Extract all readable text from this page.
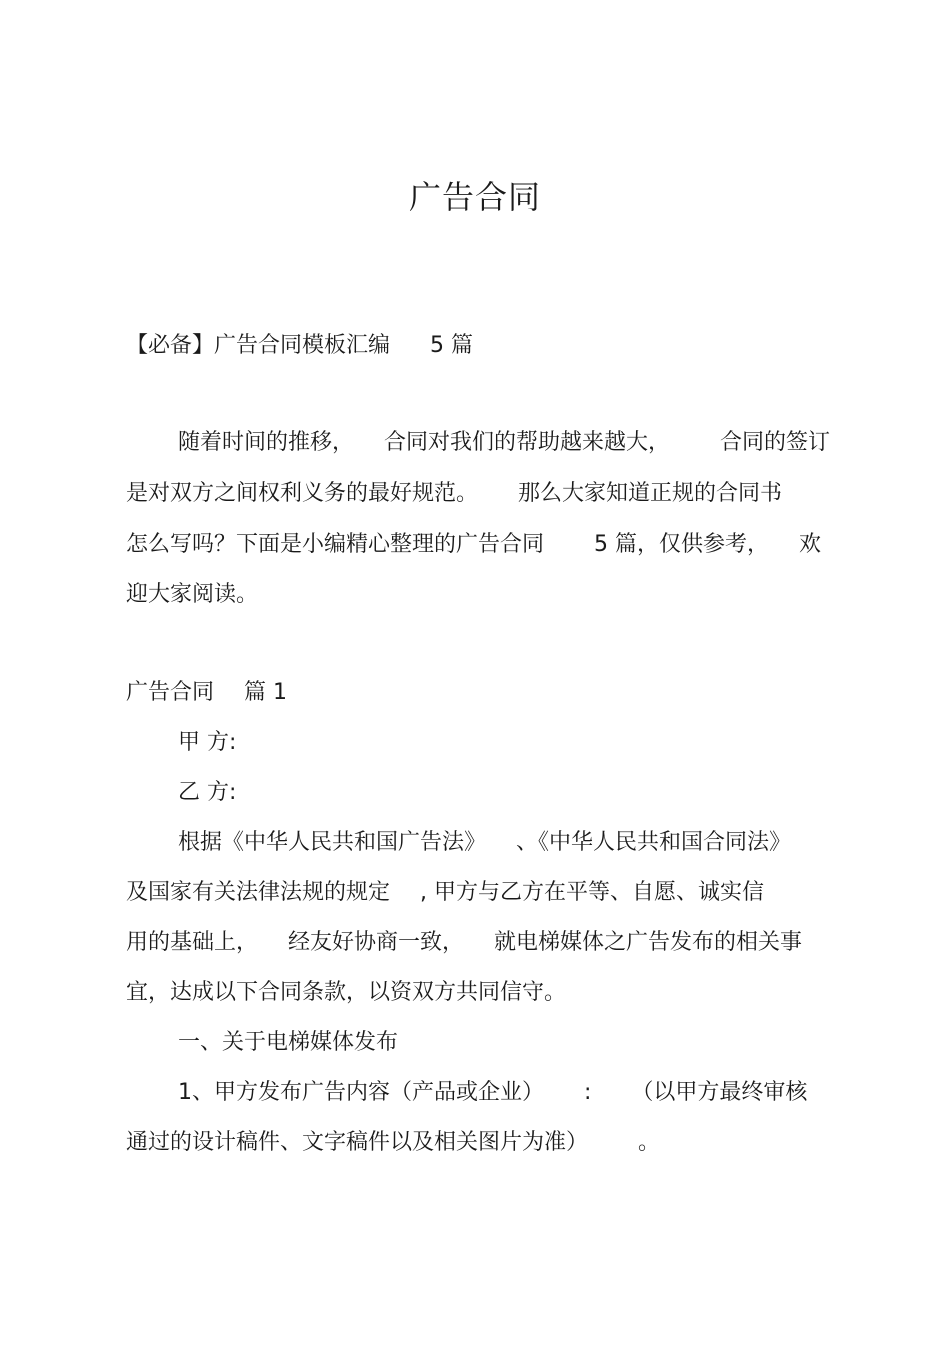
广告合同
【必备】广告合同模板汇编 5 篇
随着时间的推移， 合同对我们的帮助越来越大， 合同的签订
是对双方之间权利义务的最好规范。 那么大家知道正规的合同书
怎么写吗？下面是小编精心整理的广告合同 5 篇，仅供参考， 欢
迎大家阅读。
广告合同 篇 1
甲 方:
乙 方:
根据《中华人民共和国广告法》 、《中华人民共和国合同法》
及国家有关法律法规的规定 , 甲方与乙方在平等、自愿、诚实信
用的基础上， 经友好协商一致， 就电梯媒体之广告发布的相关事
宜，达成以下合同条款，以资双方共同信守。
一、关于电梯媒体发布
1、甲方发布广告内容（产品或企业） : （以甲方最终审核
通过的设计稿件、文字稿件以及相关图片为准） 。
